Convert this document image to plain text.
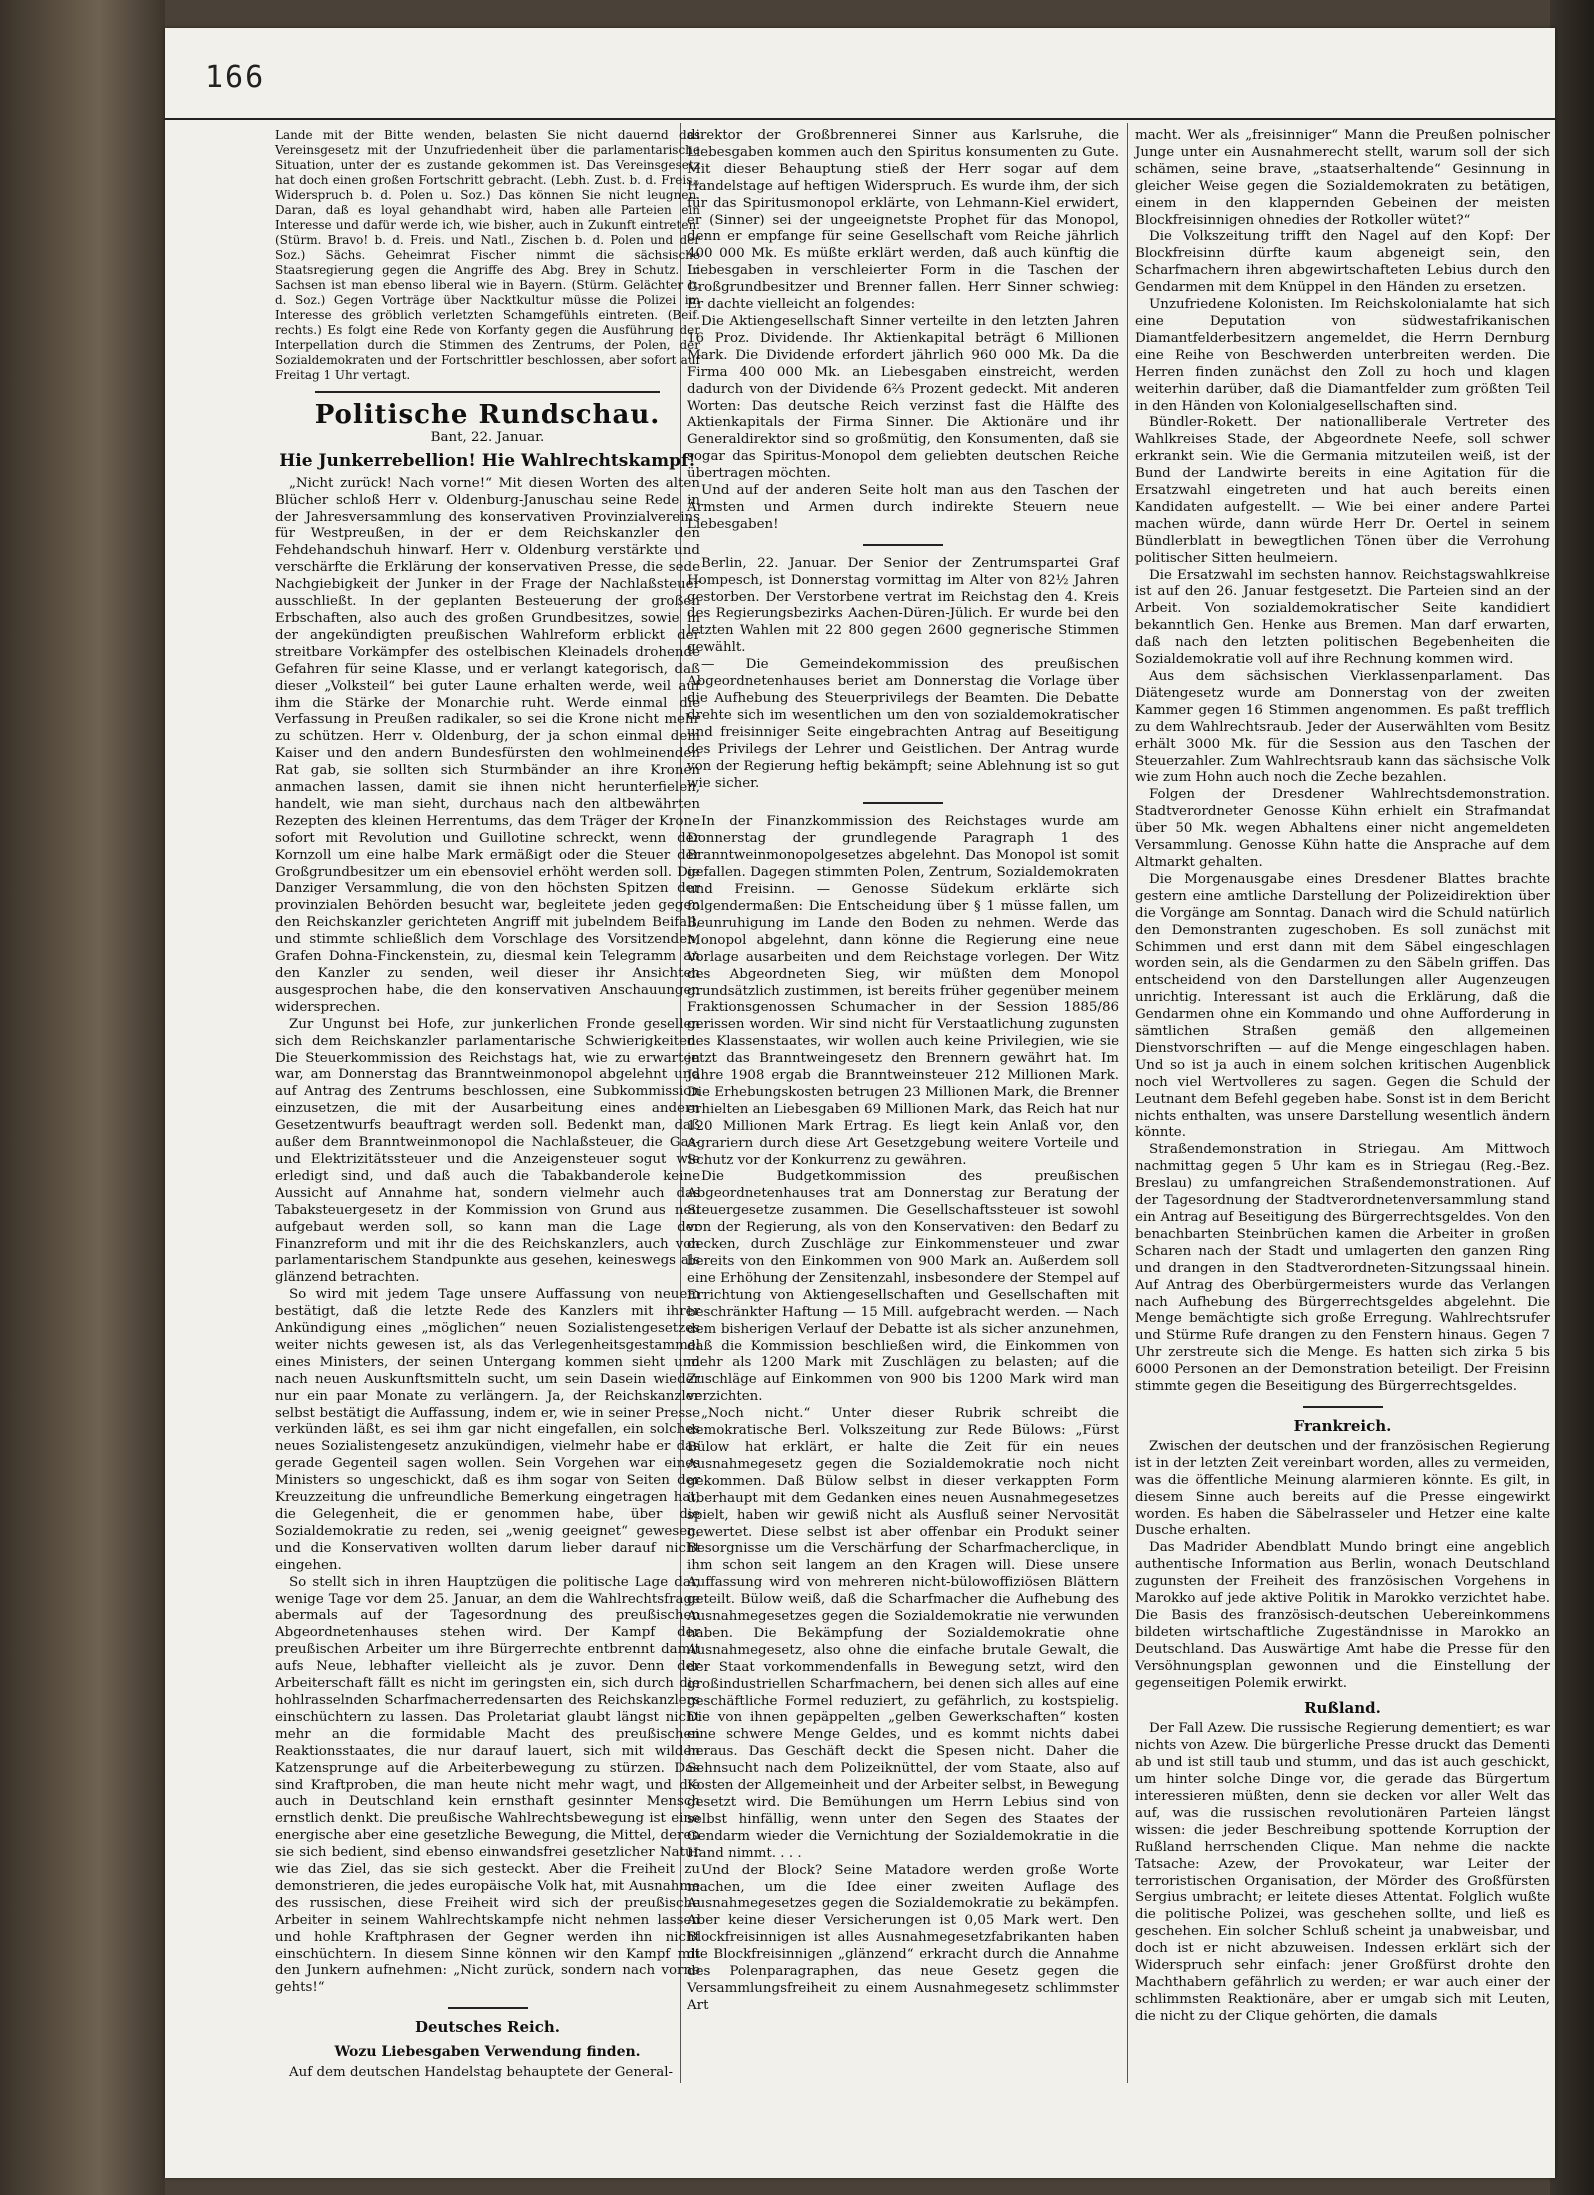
166

Lande mit der Bitte wenden, belasten Sie nicht dauernd das Vereinsgesetz mit der Unzufriedenheit über die parlamentarische Situation, unter der es zustande gekommen ist. Das Vereinsgesetz hat doch einen großen Fortschritt gebracht. (Lebh. Zust. b. d. Freis., Widerspruch b. d. Polen u. Soz.) Das können Sie nicht leugnen. Daran, daß es loyal gehandhabt wird, haben alle Parteien ein Interesse und dafür werde ich, wie bisher, auch in Zukunft eintreten. (Stürm. Bravo! b. d. Freis. und Natl., Zischen b. d. Polen und der Soz.) Sächs. Geheimrat Fischer nimmt die sächsische Staatsregierung gegen die Angriffe des Abg. Brey in Schutz. In Sachsen ist man ebenso liberal wie in Bayern. (Stürm. Gelächter b. d. Soz.) Gegen Vorträge über Nacktkultur müsse die Polizei im Interesse des gröblich verletzten Schamgefühls eintreten. (Beif. rechts.) Es folgt eine Rede von Korfanty gegen die Ausführung der Interpellation durch die Stimmen des Zentrums, der Polen, der Sozialdemokraten und der Fortschrittler beschlossen, aber sofort auf Freitag 1 Uhr vertagt.

Politische Rundschau.
Bant, 22. Januar.
Hie Junkerrebellion! Hie Wahlrechtskampf!

„Nicht zurück! Nach vorne!“ Mit diesen Worten des alten Blücher schloß Herr v. Oldenburg-Januschau seine Rede in der Jahresversammlung des konservativen Provinzialvereins für Westpreußen, in der er dem Reichskanzler den Fehdehandschuh hinwarf. Herr v. Oldenburg verstärkte und verschärfte die Erklärung der konservativen Presse, die sede Nachgiebigkeit der Junker in der Frage der Nachlaßsteuer ausschließt. In der geplanten Besteuerung der großen Erbschaften, also auch des großen Grundbesitzes, sowie in der angekündigten preußischen Wahlreform erblickt der streitbare Vorkämpfer des ostelbischen Kleinadels drohende Gefahren für seine Klasse, und er verlangt kategorisch, daß dieser „Volksteil“ bei guter Laune erhalten werde, weil auf ihm die Stärke der Monarchie ruht. Werde einmal die Verfassung in Preußen radikaler, so sei die Krone nicht mehr zu schützen. Herr v. Oldenburg, der ja schon einmal dem Kaiser und den andern Bundesfürsten den wohlmeinenden Rat gab, sie sollten sich Sturmbänder an ihre Kronen anmachen lassen, damit sie ihnen nicht herunterfielen, handelt, wie man sieht, durchaus nach den altbewährten Rezepten des kleinen Herrentums, das dem Träger der Krone sofort mit Revolution und Guillotine schreckt, wenn der Kornzoll um eine halbe Mark ermäßigt oder die Steuer der Großgrundbesitzer um ein ebensoviel erhöht werden soll. Die Danziger Versammlung, die von den höchsten Spitzen der provinzialen Behörden besucht war, begleitete jeden gegen den Reichskanzler gerichteten Angriff mit jubelndem Beifall, und stimmte schließlich dem Vorschlage des Vorsitzenden, Grafen Dohna-Finckenstein, zu, diesmal kein Telegramm an den Kanzler zu senden, weil dieser ihr Ansichten ausgesprochen habe, die den konservativen Anschauungen widersprechen.

Zur Ungunst bei Hofe, zur junkerlichen Fronde gesellen sich dem Reichskanzler parlamentarische Schwierigkeiten. Die Steuerkommission des Reichstags hat, wie zu erwarten war, am Donnerstag das Branntweinmonopol abgelehnt und auf Antrag des Zentrums beschlossen, eine Subkommission einzusetzen, die mit der Ausarbeitung eines andern Gesetzentwurfs beauftragt werden soll. Bedenkt man, daß außer dem Branntweinmonopol die Nachlaßsteuer, die Gas- und Elektrizitätssteuer und die Anzeigensteuer sogut wie erledigt sind, und daß auch die Tabakbanderole keine Aussicht auf Annahme hat, sondern vielmehr auch das Tabaksteuergesetz in der Kommission von Grund aus neu aufgebaut werden soll, so kann man die Lage der Finanzreform und mit ihr die des Reichskanzlers, auch von parlamentarischem Standpunkte aus gesehen, keineswegs als glänzend betrachten.

So wird mit jedem Tage unsere Auffassung von neuem bestätigt, daß die letzte Rede des Kanzlers mit ihrer Ankündigung eines „möglichen“ neuen Sozialistengesetzes weiter nichts gewesen ist, als das Verlegenheitsgestammel eines Ministers, der seinen Untergang kommen sieht und nach neuen Auskunftsmitteln sucht, um sein Dasein wieder nur ein paar Monate zu verlängern. Ja, der Reichskanzler selbst bestätigt die Auffassung, indem er, wie in seiner Presse verkünden läßt, es sei ihm gar nicht eingefallen, ein solches neues Sozialistengesetz anzukündigen, vielmehr habe er das gerade Gegenteil sagen wollen. Sein Vorgehen war eines Ministers so ungeschickt, daß es ihm sogar von Seiten der Kreuzzeitung die unfreundliche Bemerkung eingetragen hat, die Gelegenheit, die er genommen habe, über die Sozialdemokratie zu reden, sei „wenig geeignet“ gewesen, und die Konservativen wollten darum lieber darauf nicht eingehen.

So stellt sich in ihren Hauptzügen die politische Lage dar, wenige Tage vor dem 25. Januar, an dem die Wahlrechtsfrage abermals auf der Tagesordnung des preußischen Abgeordnetenhauses stehen wird. Der Kampf der preußischen Arbeiter um ihre Bürgerrechte entbrennt damit aufs Neue, lebhafter vielleicht als je zuvor. Denn der Arbeiterschaft fällt es nicht im geringsten ein, sich durch die hohlrasselnden Scharfmacherredensarten des Reichskanzlers einschüchtern zu lassen. Das Proletariat glaubt längst nicht mehr an die formidable Macht des preußischen Reaktionsstaates, die nur darauf lauert, sich mit wilden Katzensprunge auf die Arbeiterbewegung zu stürzen. Das sind Kraftproben, die man heute nicht mehr wagt, und die auch in Deutschland kein ernsthaft gesinnter Mensch ernstlich denkt. Die preußische Wahlrechtsbewegung ist eine energische aber eine gesetzliche Bewegung, die Mittel, deren sie sich bedient, sind ebenso einwandsfrei gesetzlicher Natur wie das Ziel, das sie sich gesteckt. Aber die Freiheit zu demonstrieren, die jedes europäische Volk hat, mit Ausnahme des russischen, diese Freiheit wird sich der preußische Arbeiter in seinem Wahlrechtskampfe nicht nehmen lassen und hohle Kraftphrasen der Gegner werden ihn nicht einschüchtern. In diesem Sinne können wir den Kampf mit den Junkern aufnehmen: „Nicht zurück, sondern nach vorne gehts!“

Deutsches Reich.
Wozu Liebesgaben Verwendung finden.

Auf dem deutschen Handelstag behauptete der General-

direktor der Großbrennerei Sinner aus Karlsruhe, die Liebesgaben kommen auch den Spiritus konsumenten zu Gute. Mit dieser Behauptung stieß der Herr sogar auf dem Handelstage auf heftigen Widerspruch. Es wurde ihm, der sich für das Spiritusmonopol erklärte, von Lehmann-Kiel erwidert, er (Sinner) sei der ungeeignetste Prophet für das Monopol, denn er empfange für seine Gesellschaft vom Reiche jährlich 400 000 Mk. Es müßte erklärt werden, daß auch künftig die Liebesgaben in verschleierter Form in die Taschen der Großgrundbesitzer und Brenner fallen. Herr Sinner schwieg: Er dachte vielleicht an folgendes:

Die Aktiengesellschaft Sinner verteilte in den letzten Jahren 16 Proz. Dividende. Ihr Aktienkapital beträgt 6 Millionen Mark. Die Dividende erfordert jährlich 960 000 Mk. Da die Firma 400 000 Mk. an Liebesgaben einstreicht, werden dadurch von der Dividende 6⅔ Prozent gedeckt. Mit anderen Worten: Das deutsche Reich verzinst fast die Hälfte des Aktienkapitals der Firma Sinner. Die Aktionäre und ihr Generaldirektor sind so großmütig, den Konsumenten, daß sie sogar das Spiritus-Monopol dem geliebten deutschen Reiche übertragen möchten.

Und auf der anderen Seite holt man aus den Taschen der Ärmsten und Armen durch indirekte Steuern neue Liebesgaben!

Berlin, 22. Januar. Der Senior der Zentrumspartei Graf Hompesch, ist Donnerstag vormittag im Alter von 82½ Jahren gestorben. Der Verstorbene vertrat im Reichstag den 4. Kreis des Regierungsbezirks Aachen-Düren-Jülich. Er wurde bei den letzten Wahlen mit 22 800 gegen 2600 gegnerische Stimmen gewählt.

— Die Gemeindekommission des preußischen Abgeordnetenhauses beriet am Donnerstag die Vorlage über die Aufhebung des Steuerprivilegs der Beamten. Die Debatte drehte sich im wesentlichen um den von sozialdemokratischer und freisinniger Seite eingebrachten Antrag auf Beseitigung des Privilegs der Lehrer und Geistlichen. Der Antrag wurde von der Regierung heftig bekämpft; seine Ablehnung ist so gut wie sicher.

In der Finanzkommission des Reichstages wurde am Donnerstag der grundlegende Paragraph 1 des Branntweinmonopolgesetzes abgelehnt. Das Monopol ist somit gefallen. Dagegen stimmten Polen, Zentrum, Sozialdemokraten und Freisinn. — Genosse Südekum erklärte sich folgendermaßen: Die Entscheidung über § 1 müsse fallen, um Beunruhigung im Lande den Boden zu nehmen. Werde das Monopol abgelehnt, dann könne die Regierung eine neue Vorlage ausarbeiten und dem Reichstage vorlegen. Der Witz des Abgeordneten Sieg, wir müßten dem Monopol grundsätzlich zustimmen, ist bereits früher gegenüber meinem Fraktionsgenossen Schumacher in der Session 1885/86 gerissen worden. Wir sind nicht für Verstaatlichung zugunsten des Klassenstaates, wir wollen auch keine Privilegien, wie sie jetzt das Branntweingesetz den Brennern gewährt hat. Im Jahre 1908 ergab die Branntweinsteuer 212 Millionen Mark. Die Erhebungskosten betrugen 23 Millionen Mark, die Brenner erhielten an Liebesgaben 69 Millionen Mark, das Reich hat nur 120 Millionen Mark Ertrag. Es liegt kein Anlaß vor, den Agrariern durch diese Art Gesetzgebung weitere Vorteile und Schutz vor der Konkurrenz zu gewähren.

Die Budgetkommission des preußischen Abgeordnetenhauses trat am Donnerstag zur Beratung der Steuergesetze zusammen. Die Gesellschaftssteuer ist sowohl von der Regierung, als von den Konservativen: den Bedarf zu decken, durch Zuschläge zur Einkommensteuer und zwar bereits von den Einkommen von 900 Mark an. Außerdem soll eine Erhöhung der Zensitenzahl, insbesondere der Stempel auf Errichtung von Aktiengesellschaften und Gesellschaften mit beschränkter Haftung — 15 Mill. aufgebracht werden. — Nach dem bisherigen Verlauf der Debatte ist als sicher anzunehmen, daß die Kommission beschließen wird, die Einkommen von mehr als 1200 Mark mit Zuschlägen zu belasten; auf die Zuschläge auf Einkommen von 900 bis 1200 Mark wird man verzichten.

„Noch nicht.“ Unter dieser Rubrik schreibt die demokratische Berl. Volkszeitung zur Rede Bülows: „Fürst Bülow hat erklärt, er halte die Zeit für ein neues Ausnahmegesetz gegen die Sozialdemokratie noch nicht gekommen. Daß Bülow selbst in dieser verkappten Form überhaupt mit dem Gedanken eines neuen Ausnahmegesetzes spielt, haben wir gewiß nicht als Ausfluß seiner Nervosität gewertet. Diese selbst ist aber offenbar ein Produkt seiner Besorgnisse um die Verschärfung der Scharfmacherclique, in ihm schon seit langem an den Kragen will. Diese unsere Auffassung wird von mehreren nicht-bülowoffiziösen Blättern geteilt. Bülow weiß, daß die Scharfmacher die Aufhebung des Ausnahmegesetzes gegen die Sozialdemokratie nie verwunden haben. Die Bekämpfung der Sozialdemokratie ohne Ausnahmegesetz, also ohne die einfache brutale Gewalt, die der Staat vorkommendenfalls in Bewegung setzt, wird den großindustriellen Scharfmachern, bei denen sich alles auf eine geschäftliche Formel reduziert, zu gefährlich, zu kostspielig. Die von ihnen gepäppelten „gelben Gewerkschaften“ kosten eine schwere Menge Geldes, und es kommt nichts dabei heraus. Das Geschäft deckt die Spesen nicht. Daher die Sehnsucht nach dem Polizeiknüttel, der vom Staate, also auf Kosten der Allgemeinheit und der Arbeiter selbst, in Bewegung gesetzt wird. Die Bemühungen um Herrn Lebius sind von selbst hinfällig, wenn unter den Segen des Staates der Gendarm wieder die Vernichtung der Sozialdemokratie in die Hand nimmt. . . .

Und der Block? Seine Matadore werden große Worte machen, um die Idee einer zweiten Auflage des Ausnahmegesetzes gegen die Sozialdemokratie zu bekämpfen. Aber keine dieser Versicherungen ist 0,05 Mark wert. Den Blockfreisinnigen ist alles Ausnahmegesetzfabrikanten haben die Blockfreisinnigen „glänzend“ erkracht durch die Annahme des Polenparagraphen, das neue Gesetz gegen die Versammlungsfreiheit zu einem Ausnahmegesetz schlimmster Art

macht. Wer als „freisinniger“ Mann die Preußen polnischer Junge unter ein Ausnahmerecht stellt, warum soll der sich schämen, seine brave, „staatserhaltende“ Gesinnung in gleicher Weise gegen die Sozialdemokraten zu betätigen, einem in den klappernden Gebeinen der meisten Blockfreisinnigen ohnedies der Rotkoller wütet?“

Die Volkszeitung trifft den Nagel auf den Kopf: Der Blockfreisinn dürfte kaum abgeneigt sein, den Scharfmachern ihren abgewirtschafteten Lebius durch den Gendarmen mit dem Knüppel in den Händen zu ersetzen.

Unzufriedene Kolonisten. Im Reichskolonialamte hat sich eine Deputation von südwestafrikanischen Diamantfelderbesitzern angemeldet, die Herrn Dernburg eine Reihe von Beschwerden unterbreiten werden. Die Herren finden zunächst den Zoll zu hoch und klagen weiterhin darüber, daß die Diamantfelder zum größten Teil in den Händen von Kolonialgesellschaften sind.

Bündler-Rokett. Der nationalliberale Vertreter des Wahlkreises Stade, der Abgeordnete Neefe, soll schwer erkrankt sein. Wie die Germania mitzuteilen weiß, ist der Bund der Landwirte bereits in eine Agitation für die Ersatzwahl eingetreten und hat auch bereits einen Kandidaten aufgestellt. — Wie bei einer andere Partei machen würde, dann würde Herr Dr. Oertel in seinem Bündlerblatt in bewegtlichen Tönen über die Verrohung politischer Sitten heulmeiern.

Die Ersatzwahl im sechsten hannov. Reichstagswahlkreise ist auf den 26. Januar festgesetzt. Die Parteien sind an der Arbeit. Von sozialdemokratischer Seite kandidiert bekanntlich Gen. Henke aus Bremen. Man darf erwarten, daß nach den letzten politischen Begebenheiten die Sozialdemokratie voll auf ihre Rechnung kommen wird.

Aus dem sächsischen Vierklassenparlament. Das Diätengesetz wurde am Donnerstag von der zweiten Kammer gegen 16 Stimmen angenommen. Es paßt trefflich zu dem Wahlrechtsraub. Jeder der Auserwählten vom Besitz erhält 3000 Mk. für die Session aus den Taschen der Steuerzahler. Zum Wahlrechtsraub kann das sächsische Volk wie zum Hohn auch noch die Zeche bezahlen.

Folgen der Dresdener Wahlrechtsdemonstration. Stadtverordneter Genosse Kühn erhielt ein Strafmandat über 50 Mk. wegen Abhaltens einer nicht angemeldeten Versammlung. Genosse Kühn hatte die Ansprache auf dem Altmarkt gehalten.

Die Morgenausgabe eines Dresdener Blattes brachte gestern eine amtliche Darstellung der Polizeidirektion über die Vorgänge am Sonntag. Danach wird die Schuld natürlich den Demonstranten zugeschoben. Es soll zunächst mit Schimmen und erst dann mit dem Säbel eingeschlagen worden sein, als die Gendarmen zu den Säbeln griffen. Das entscheidend von den Darstellungen aller Augenzeugen unrichtig. Interessant ist auch die Erklärung, daß die Gendarmen ohne ein Kommando und ohne Aufforderung in sämtlichen Straßen gemäß den allgemeinen Dienstvorschriften — auf die Menge eingeschlagen haben. Und so ist ja auch in einem solchen kritischen Augenblick noch viel Wertvolleres zu sagen. Gegen die Schuld der Leutnant dem Befehl gegeben habe. Sonst ist in dem Bericht nichts enthalten, was unsere Darstellung wesentlich ändern könnte.

Straßendemonstration in Striegau. Am Mittwoch nachmittag gegen 5 Uhr kam es in Striegau (Reg.-Bez. Breslau) zu umfangreichen Straßendemonstrationen. Auf der Tagesordnung der Stadtverordnetenversammlung stand ein Antrag auf Beseitigung des Bürgerrechtsgeldes. Von den benachbarten Steinbrüchen kamen die Arbeiter in großen Scharen nach der Stadt und umlagerten den ganzen Ring und drangen in den Stadtverordneten-Sitzungssaal hinein. Auf Antrag des Oberbürgermeisters wurde das Verlangen nach Aufhebung des Bürgerrechtsgeldes abgelehnt. Die Menge bemächtigte sich große Erregung. Wahlrechtsrufer und Stürme Rufe drangen zu den Fenstern hinaus. Gegen 7 Uhr zerstreute sich die Menge. Es hatten sich zirka 5 bis 6000 Personen an der Demonstration beteiligt. Der Freisinn stimmte gegen die Beseitigung des Bürgerrechtsgeldes.

Frankreich.

Zwischen der deutschen und der französischen Regierung ist in der letzten Zeit vereinbart worden, alles zu vermeiden, was die öffentliche Meinung alarmieren könnte. Es gilt, in diesem Sinne auch bereits auf die Presse eingewirkt worden. Es haben die Säbelrasseler und Hetzer eine kalte Dusche erhalten.

Das Madrider Abendblatt Mundo bringt eine angeblich authentische Information aus Berlin, wonach Deutschland zugunsten der Freiheit des französischen Vorgehens in Marokko auf jede aktive Politik in Marokko verzichtet habe. Die Basis des französisch-deutschen Uebereinkommens bildeten wirtschaftliche Zugeständnisse in Marokko an Deutschland. Das Auswärtige Amt habe die Presse für den Versöhnungsplan gewonnen und die Einstellung der gegenseitigen Polemik erwirkt.

Rußland.

Der Fall Azew. Die russische Regierung dementiert; es war nichts von Azew. Die bürgerliche Presse druckt das Dementi ab und ist still taub und stumm, und das ist auch geschickt, um hinter solche Dinge vor, die gerade das Bürgertum interessieren müßten, denn sie decken vor aller Welt das auf, was die russischen revolutionären Parteien längst wissen: die jeder Beschreibung spottende Korruption der Rußland herrschenden Clique. Man nehme die nackte Tatsache: Azew, der Provokateur, war Leiter der terroristischen Organisation, der Mörder des Großfürsten Sergius umbracht; er leitete dieses Attentat. Folglich wußte die politische Polizei, was geschehen sollte, und ließ es geschehen. Ein solcher Schluß scheint ja unabweisbar, und doch ist er nicht abzuweisen. Indessen erklärt sich der Widerspruch sehr einfach: jener Großfürst drohte den Machthabern gefährlich zu werden; er war auch einer der schlimmsten Reaktionäre, aber er umgab sich mit Leuten, die nicht zu der Clique gehörten, die damals
